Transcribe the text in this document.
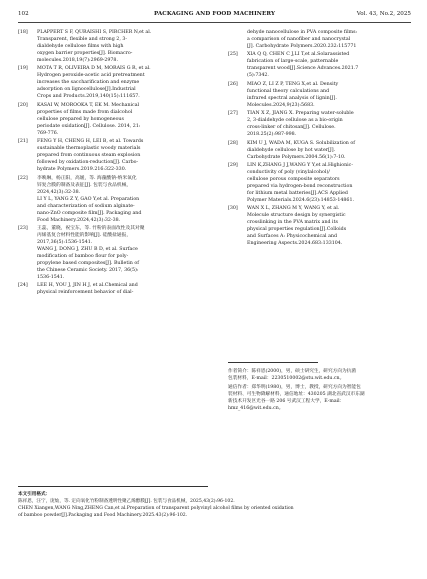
102	PACKAGING AND FOOD MACHINERY	Vol. 43, No.2, 2025
[18] PLAPPERT S F, QURAISHI S, PIRCHER N,et al.
Transparent, flexible and strong 2, 3-
dialdehyde cellulose films with high
oxygen barrier properties[J]. Biomacro-
molecules.2018,19(7):2969-2978.
[19] MOTA T R, OLIVEIRA D M, MORAIS G R, et al.
Hydrogen peroxide-acetic acid pretreatment
increases the saccharification and enzyme
adsorption on lignocellulose[J].Industrial
Crops and Products.2019,140(15):111657.
[20] KASAI W, MOROOKA T, EK M. Mechanical
properties of films made from dialcohol
cellulose prepared by homogeneous
periodate oxidation[J]. Cellulose. 2014, 21:
769-776.
[21] FENG Y H, CHENG H, LEI B, et al. Towards
sustainable thermoplastic woody materials
prepared from continuous steam explosion
followed by oxidation-reduction[J]. Carbo-
hydrate Polymers.2019.216:322-330.
[22] 李映琳，杨正阳，高媛，等. 海藻酸钠-纳米氧化
锌复合膜的制备及表征[J]. 包装与食品机械，
2024,42(3):32-38.
LI Y L, YANG Z Y, GAO Y,et al. Preparation
and characterization of sodium alginate-
nano-ZnO composite film[J]. Packaging and
Food Machinery.2024,42(3):32-38.
[23] 王蕊，董晓，祝宝东，等. 竹粉的表面改性及其对聚
丙烯基复合材料性能的影响[J]. 硅酸盐通报，
2017,36(5):1536-1541.
WANG J, DONG J, ZHU B D, et al. Surface
modification of bamboo flour for poly-
propylene based composites[J]. Bulletin of
the Chinese Ceramic Society. 2017, 36(5):
1536-1541.
[24] LEE H, YOU J, JIN H J, et al.Chemical and
physical reinforcement behavior of dial-
dehyde nanocellulose in PVA composite films:
a comparison of nanofiber and nanocrystal
[J]. Carbohydrate Polymers.2020.232:115771
[25] XIA Q Q, CHEN C J,LI T,et al.Solarassisted
fabrication of large-scale, patternable
transparent wood[J].Science Advances.2021.7
(5):7342.
[26] MIAO Z, LI Z P, TENG X,et al. Density
functional theory calculations and
infrared spectral analysis of lignin[J].
Molecules.2024,9(23):5683.
[27] TIAN X Z, JIANG X. Preparing water-soluble
2, 3-dialdehyde cellulose as a bio-origin
cross-linker of chitosan[J]. Cellulose.
2018.25(2):987-998.
[28] KIM U J, WADA M, KUGA S. Solubilization of
dialdehyde cellulose by hot water[J].
Carbohydrate Polymers.2004.56(1):7-10.
[29] LIN K,ZHANG J J,WANG Y Y,et al.Highionic-
conductivity of poly (vinylalcohol)/
cellulose porous composite separators
prepared via hydrogen-bond reconstruction
for lithium metal batteries[J].ACS Applied
Polymer Materials.2024.6(23):14853-14861.
[30] WAN X L, ZHANG M Y, WANG Y, et al.
Molecule structure design by synergistic
crosslinking in the PVA matrix and its
physical properties regulation[J].Colloids
and Surfaces A: Physicochemical and
Engineering Aspects.2024.683:133104.
作者简介：陈祥恩(2000)，男，硕士研究生，研究方向为抗菌
包装材料，E-mail：2230510002@stu.wit.edu.cn。
通信作者：郑华明(1980)，男，博士，教授，研究方向为智能包
装材料、可生物降解材料，通信地址：430205 湖北省武汉市东湖
新技术开发区光谷一路 206 号武汉工程大学，E-mail：
hmz_416@wit.edu.cn。
本文引用格式：
陈祥恩，汪宁，庞灿，等. 定向氧化竹粉制备透明性聚乙烯醇膜[J]. 包装与食品机械，2025,43(2):96-102.
CHEN Xiangen,WANG Ning,ZHENG Can,et al.Preparation of transparent polyvinyl alcohol films by oriented oxidation
of bamboo powder[J].Packaging and Food Machinery.2025.43(2):96-102.
